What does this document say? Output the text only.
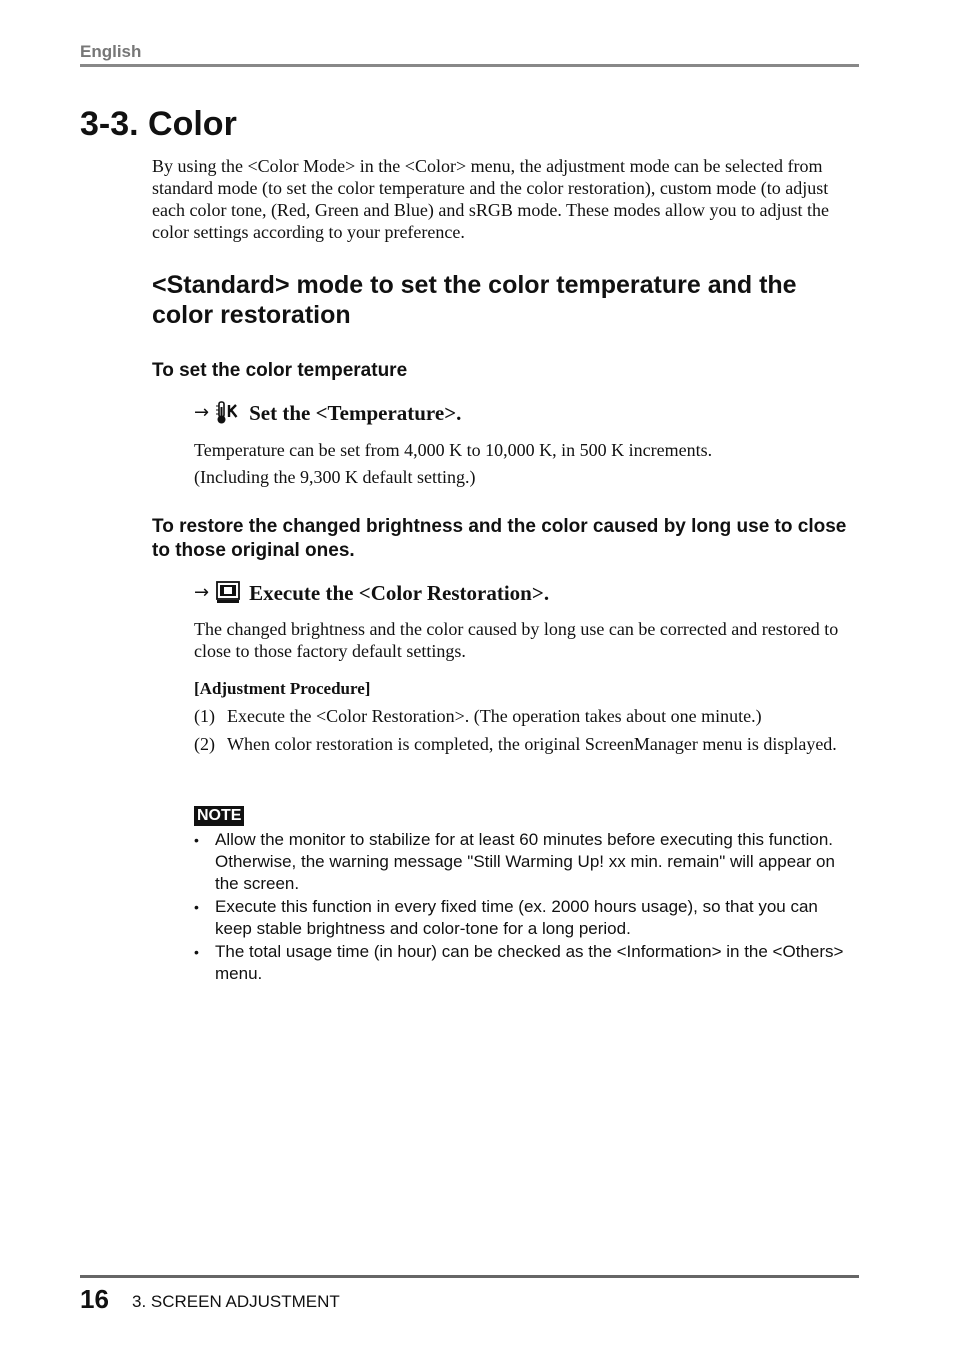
English
3-3. Color

By using the <Color Mode> in the <Color> menu, the adjustment mode can be selected from standard mode (to set the color temperature and the color restoration), custom mode (to adjust each color tone, (Red, Green and Blue) and sRGB mode. These modes allow you to adjust the color settings according to your preference.

<Standard> mode to set the color temperature and the color restoration
To set the color temperature
→ Set the <Temperature>.
Temperature can be set from 4,000 K to 10,000 K, in 500 K increments.
(Including the 9,300 K default setting.)
To restore the changed brightness and the color caused by long use to close to those original ones.
→ Execute the <Color Restoration>.

The changed brightness and the color caused by long use can be corrected and restored to close to those factory default settings.

[Adjustment Procedure]
(1) Execute the <Color Restoration>. (The operation takes about one minute.)
(2) When color restoration is completed, the original ScreenManager menu is displayed.
NOTE
• Allow the monitor to stabilize for at least 60 minutes before executing this function. Otherwise, the warning message "Still Warming Up! xx min. remain" will appear on the screen.
• Execute this function in every fixed time (ex. 2000 hours usage), so that you can keep stable brightness and color-tone for a long period.
• The total usage time (in hour) can be checked as the <Information> in the <Others> menu.
16 3. SCREEN ADJUSTMENT
